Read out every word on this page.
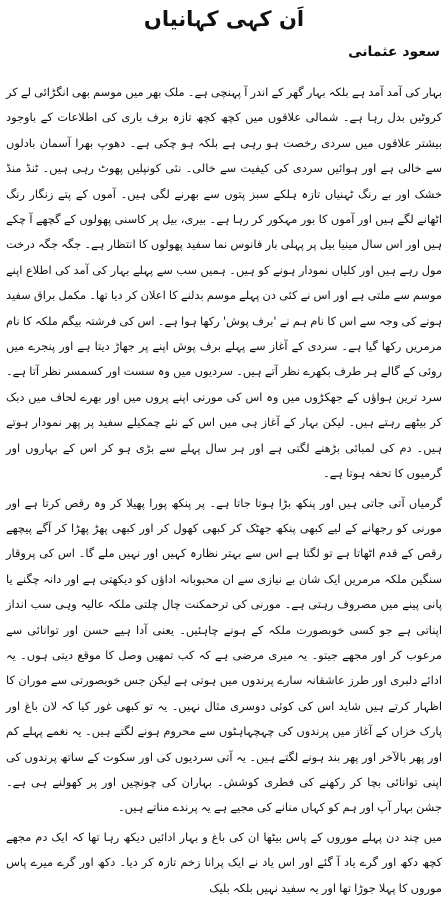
اَن کہی کہانیاں
سعود عثمانی

بہار کی آمد آمد ہے بلکہ بہار گھر کے اندر آ پہنچی ہے۔ ملک بھر میں موسم بھی انگڑائی لے کر کروٹیں بدل رہا ہے۔ شمالی علاقوں میں کچھ کچھ تازہ برف باری کی اطلاعات کے باوجود بیشتر علاقوں میں سردی رخصت ہو رہی ہے بلکہ ہو چکی ہے۔ دھوپ بھرا آسمان بادلوں سے خالی ہے اور ہوائیں سردی کی کیفیت سے خالی۔ نئی کونپلیں پھوٹ رہی ہیں۔ ٹنڈ منڈ خشک اور بے رنگ ٹہنیاں تازہ ہلکے سبز پتوں سے بھرنے لگی ہیں۔ آموں کے پتے زنگار رنگ اٹھانے لگے ہیں اور آموں کا بور مہکور کر رہا ہے۔ بیری، بیل پر کاسنی پھولوں کے گچھے آ چکے ہیں اور اس سال مینیا بیل پر پہلی بار فانوس نما سفید پھولوں کا انتظار ہے۔ جگہ جگہ درخت مول رہے ہیں اور کلیاں نمودار ہونے کو ہیں۔ ہمیں سب سے پہلے بہار کی آمد کی اطلاع اپنے موسم سے ملتی ہے اور اس نے کئی دن پہلے موسم بدلنے کا اعلان کر دیا تھا۔ مکمل براق سفید ہونے کی وجہ سے اس کا نام ہم نے 'برف پوش' رکھا ہوا ہے۔ اس کی فرشتہ بیگم ملکہ کا نام مرمریں رکھا گیا ہے۔ سردی کے آغاز سے پہلے برف پوش اپنے پر جھاڑ دیتا ہے اور پنجرے میں روئی کے گالے ہر طرف بکھرے نظر آتے ہیں۔ سردیوں میں وہ سست اور کسمسر نظر آتا ہے۔ سرد ترین ہواؤں کے جھکڑوں میں وہ اس کی مورنی اپنے پروں میں اور بھرے لحاف میں دبک کر بیٹھے رہتے ہیں۔ لیکن بہار کے آغاز ہی میں اس کے نئے چمکیلے سفید پر پھر نمودار ہوتے ہیں۔ دم کی لمبائی بڑھنے لگتی ہے اور ہر سال پہلے سے بڑی ہو کر اس کے بہاروں اور گرمیوں کا تحفہ ہوتا ہے۔

گرمیاں آتی جاتی ہیں اور پنکھ بڑا ہوتا جاتا ہے۔ پر پنکھ پورا پھیلا کر وہ رقص کرتا ہے اور مورنی کو رجھانے کے لیے کبھی پنکھ جھٹک کر کبھی کھول کر اور کبھی پھڑ پھڑا کر آگے پیچھے رقص کے قدم اٹھاتا ہے تو لگتا ہے اس سے بہتر نظارہ کہیں اور نہیں ملے گا۔ اس کی پروقار سنگین ملکہ مرمریں ایک شان بے نیازی سے ان محبوبانہ اداؤں کو دیکھتی ہے اور دانہ چگنے یا پانی پینے میں مصروف رہتی ہے۔ مورنی کی ترحمکنت چال چلتی ملکہ عالیہ وہی سب انداز اپناتی ہے جو کسی خوبصورت ملکہ کے ہونے چاہئیں۔ یعنی آدا ہیے حسن اور توانائی سے مرعوب کر اور مجھے جیتو۔ یہ میری مرضی ہے کہ کب تمھیں وصل کا موقع دیتی ہوں۔ یہ ادائے دلبری اور طرز عاشقانہ سارے پرندوں میں ہوتی ہے لیکن جس خوبصورتی سے موران کا اظہار کرتے ہیں شاید اس کی کوئی دوسری مثال نہیں۔ یہ تو کبھی غور کیا کہ لان باغ اور پارک خزاں کے آغاز میں پرندوں کی چہچہاہٹوں سے محروم ہونے لگتے ہیں۔ یہ نغمے پہلے کم اور پھر بالآخر اور پھر بند ہونے لگتے ہیں۔ یہ آتی سردیوں کی اور سکوت کے ساتھ پرندوں کی اپنی توانائی بچا کر رکھنے کی فطری کوشش۔ بہاران کی چونچیں اور پر کھولنے ہی ہے۔ جشن بہار آپ اور ہم کو کہاں منانے کی مجیے ہے یہ پرندے مناتے ہیں۔

میں چند دن پہلے موروں کے پاس بیٹھا ان کی باغ و بہار ادائیں دیکھ رہا تھا کہ ایک دم مجھے کچھ دکھ اور گرے یاد آ گئے اور اس یاد نے ایک پرانا زخم تازہ کر دیا۔ دکھ اور گرے میرے پاس موروں کا پہلا جوڑا تھا اور یہ سفید نہیں بلکہ بلیک
